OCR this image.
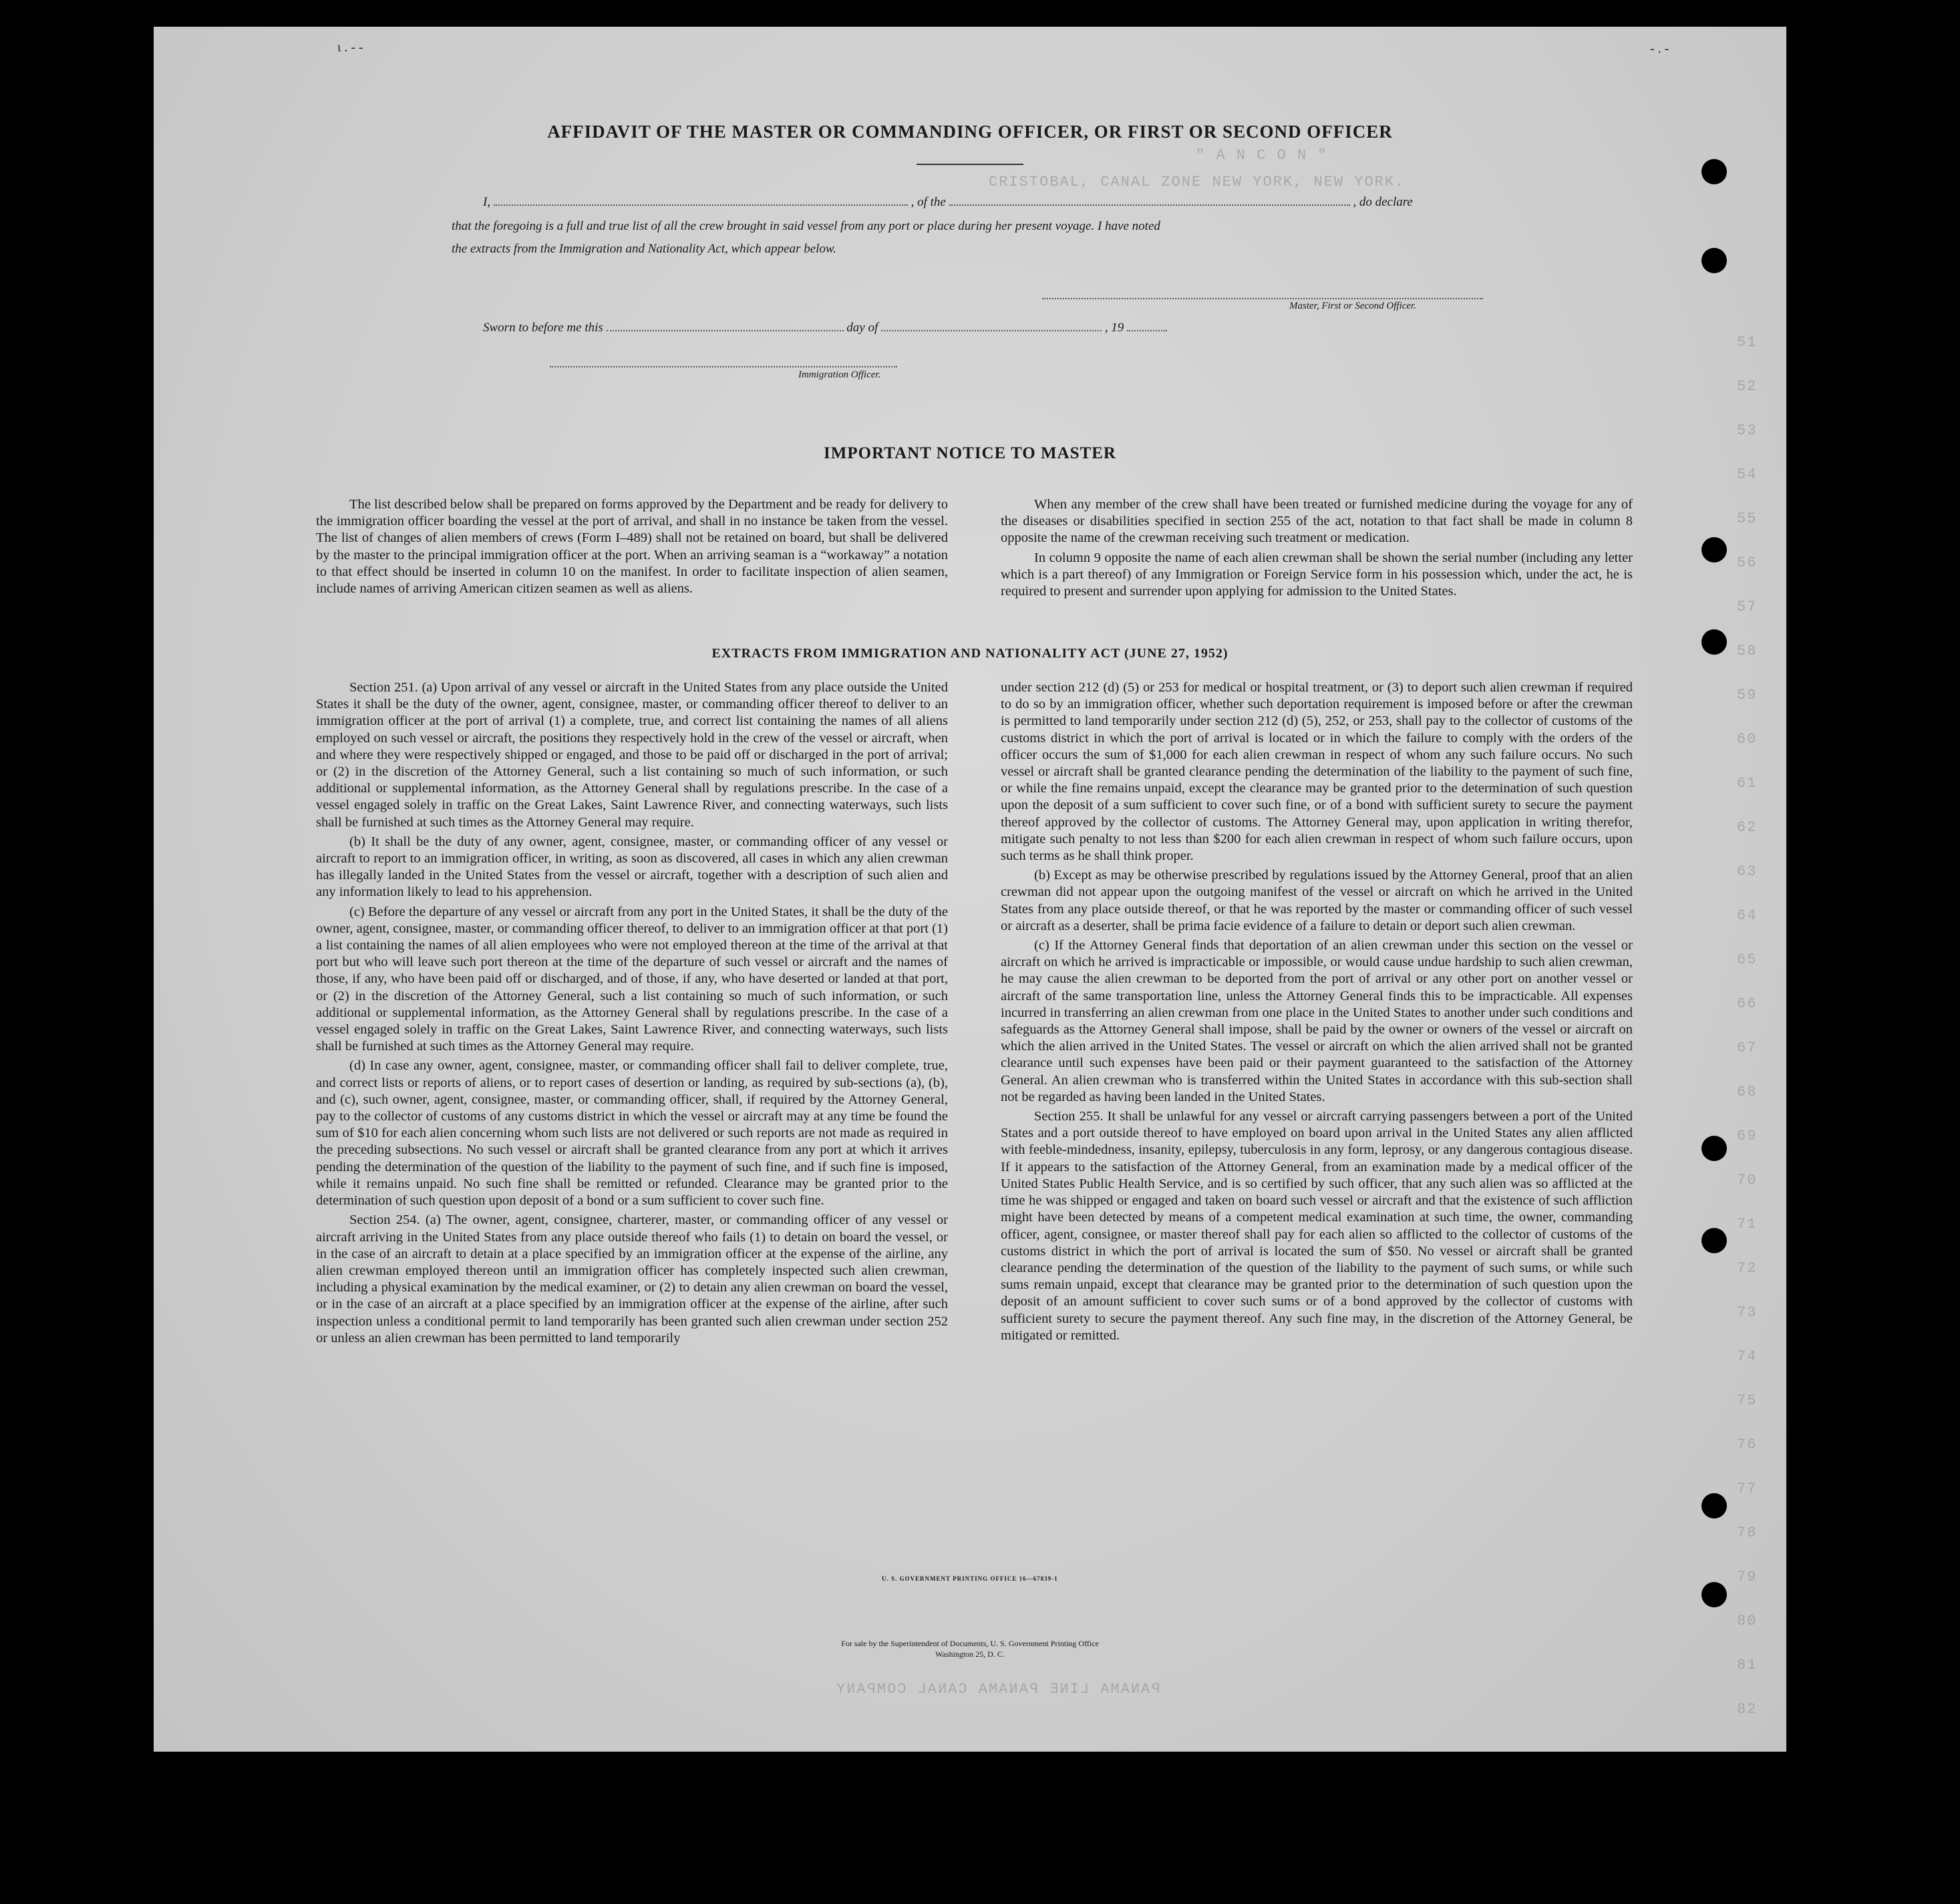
CRISTOBAL, CANAL ZONE NEW YORK, NEW YORK.
" A N C O N "
PANAMA LINE PANAMA CANAL COMPANY
51
52
53
54
55
56
57
58
59
60
61
62
63
64
65
66
67
68
69
70
71
72
73
74
75
76
77
78
79
80
81
82
ɩ . - -	- . -
AFFIDAVIT OF THE MASTER OR COMMANDING OFFICER, OR FIRST OR SECOND OFFICER
I,	, of the	, do declare
that the foregoing is a full and true list of all the crew brought in said vessel from any port or place during her present voyage. I have noted
the extracts from the Immigration and Nationality Act, which appear below.
Master, First or Second Officer.
Sworn to before me this	day of	, 19
Immigration Officer.
IMPORTANT NOTICE TO MASTER

The list described below shall be prepared on forms approved by the Department and be ready for delivery to the immigration officer boarding the vessel at the port of arrival, and shall in no instance be taken from the vessel. The list of changes of alien members of crews (Form I–489) shall not be retained on board, but shall be delivered by the master to the principal immigration officer at the port. When an arriving seaman is a “workaway” a notation to that effect should be inserted in column 10 on the manifest. In order to facilitate inspection of alien seamen, include names of arriving American citizen seamen as well as aliens.

When any member of the crew shall have been treated or furnished medicine during the voyage for any of the diseases or disabilities specified in section 255 of the act, notation to that fact shall be made in column 8 opposite the name of the crewman receiving such treatment or medication.

In column 9 opposite the name of each alien crewman shall be shown the serial number (including any letter which is a part thereof) of any Immigration or Foreign Service form in his possession which, under the act, he is required to present and surrender upon applying for admission to the United States.

EXTRACTS FROM IMMIGRATION AND NATIONALITY ACT (JUNE 27, 1952)

Section 251. (a) Upon arrival of any vessel or aircraft in the United States from any place outside the United States it shall be the duty of the owner, agent, consignee, master, or commanding officer thereof to deliver to an immigration officer at the port of arrival (1) a complete, true, and correct list containing the names of all aliens employed on such vessel or aircraft, the positions they respectively hold in the crew of the vessel or aircraft, when and where they were respectively shipped or engaged, and those to be paid off or discharged in the port of arrival; or (2) in the discretion of the Attorney General, such a list containing so much of such information, or such additional or supplemental information, as the Attorney General shall by regulations prescribe. In the case of a vessel engaged solely in traffic on the Great Lakes, Saint Lawrence River, and connecting waterways, such lists shall be furnished at such times as the Attorney General may require.

(b) It shall be the duty of any owner, agent, consignee, master, or commanding officer of any vessel or aircraft to report to an immigration officer, in writing, as soon as discovered, all cases in which any alien crewman has illegally landed in the United States from the vessel or aircraft, together with a description of such alien and any information likely to lead to his apprehension.

(c) Before the departure of any vessel or aircraft from any port in the United States, it shall be the duty of the owner, agent, consignee, master, or commanding officer thereof, to deliver to an immigration officer at that port (1) a list containing the names of all alien employees who were not employed thereon at the time of the arrival at that port but who will leave such port thereon at the time of the departure of such vessel or aircraft and the names of those, if any, who have been paid off or discharged, and of those, if any, who have deserted or landed at that port, or (2) in the discretion of the Attorney General, such a list containing so much of such information, or such additional or supplemental information, as the Attorney General shall by regulations prescribe. In the case of a vessel engaged solely in traffic on the Great Lakes, Saint Lawrence River, and connecting waterways, such lists shall be furnished at such times as the Attorney General may require.

(d) In case any owner, agent, consignee, master, or commanding officer shall fail to deliver complete, true, and correct lists or reports of aliens, or to report cases of desertion or landing, as required by sub-sections (a), (b), and (c), such owner, agent, consignee, master, or commanding officer, shall, if required by the Attorney General, pay to the collector of customs of any customs district in which the vessel or aircraft may at any time be found the sum of $10 for each alien concerning whom such lists are not delivered or such reports are not made as required in the preceding subsections. No such vessel or aircraft shall be granted clearance from any port at which it arrives pending the determination of the question of the liability to the payment of such fine, and if such fine is imposed, while it remains unpaid. No such fine shall be remitted or refunded. Clearance may be granted prior to the determination of such question upon deposit of a bond or a sum sufficient to cover such fine.

Section 254. (a) The owner, agent, consignee, charterer, master, or commanding officer of any vessel or aircraft arriving in the United States from any place outside thereof who fails (1) to detain on board the vessel, or in the case of an aircraft to detain at a place specified by an immigration officer at the expense of the airline, any alien crewman employed thereon until an immigration officer has completely inspected such alien crewman, including a physical examination by the medical examiner, or (2) to detain any alien crewman on board the vessel, or in the case of an aircraft at a place specified by an immigration officer at the expense of the airline, after such inspection unless a conditional permit to land temporarily has been granted such alien crewman under section 252 or unless an alien crewman has been permitted to land temporarily

under section 212 (d) (5) or 253 for medical or hospital treatment, or (3) to deport such alien crewman if required to do so by an immigration officer, whether such deportation requirement is imposed before or after the crewman is permitted to land temporarily under section 212 (d) (5), 252, or 253, shall pay to the collector of customs of the customs district in which the port of arrival is located or in which the failure to comply with the orders of the officer occurs the sum of $1,000 for each alien crewman in respect of whom any such failure occurs. No such vessel or aircraft shall be granted clearance pending the determination of the liability to the payment of such fine, or while the fine remains unpaid, except the clearance may be granted prior to the determination of such question upon the deposit of a sum sufficient to cover such fine, or of a bond with sufficient surety to secure the payment thereof approved by the collector of customs. The Attorney General may, upon application in writing therefor, mitigate such penalty to not less than $200 for each alien crewman in respect of whom such failure occurs, upon such terms as he shall think proper.

(b) Except as may be otherwise prescribed by regulations issued by the Attorney General, proof that an alien crewman did not appear upon the outgoing manifest of the vessel or aircraft on which he arrived in the United States from any place outside thereof, or that he was reported by the master or commanding officer of such vessel or aircraft as a deserter, shall be prima facie evidence of a failure to detain or deport such alien crewman.

(c) If the Attorney General finds that deportation of an alien crewman under this section on the vessel or aircraft on which he arrived is impracticable or impossible, or would cause undue hardship to such alien crewman, he may cause the alien crewman to be deported from the port of arrival or any other port on another vessel or aircraft of the same transportation line, unless the Attorney General finds this to be impracticable. All expenses incurred in transferring an alien crewman from one place in the United States to another under such conditions and safeguards as the Attorney General shall impose, shall be paid by the owner or owners of the vessel or aircraft on which the alien arrived in the United States. The vessel or aircraft on which the alien arrived shall not be granted clearance until such expenses have been paid or their payment guaranteed to the satisfaction of the Attorney General. An alien crewman who is transferred within the United States in accordance with this sub-section shall not be regarded as having been landed in the United States.

Section 255. It shall be unlawful for any vessel or aircraft carrying passengers between a port of the United States and a port outside thereof to have employed on board upon arrival in the United States any alien afflicted with feeble-mindedness, insanity, epilepsy, tuberculosis in any form, leprosy, or any dangerous contagious disease. If it appears to the satisfaction of the Attorney General, from an examination made by a medical officer of the United States Public Health Service, and is so certified by such officer, that any such alien was so afflicted at the time he was shipped or engaged and taken on board such vessel or aircraft and that the existence of such affliction might have been detected by means of a competent medical examination at such time, the owner, commanding officer, agent, consignee, or master thereof shall pay for each alien so afflicted to the collector of customs of the customs district in which the port of arrival is located the sum of $50. No vessel or aircraft shall be granted clearance pending the determination of the question of the liability to the payment of such sums, or while such sums remain unpaid, except that clearance may be granted prior to the determination of such question upon the deposit of an amount sufficient to cover such sums or of a bond approved by the collector of customs with sufficient surety to secure the payment thereof. Any such fine may, in the discretion of the Attorney General, be mitigated or remitted.

U. S. GOVERNMENT PRINTING OFFICE 16—67839-1
For sale by the Superintendent of Documents, U. S. Government Printing Office
Washington 25, D. C.
